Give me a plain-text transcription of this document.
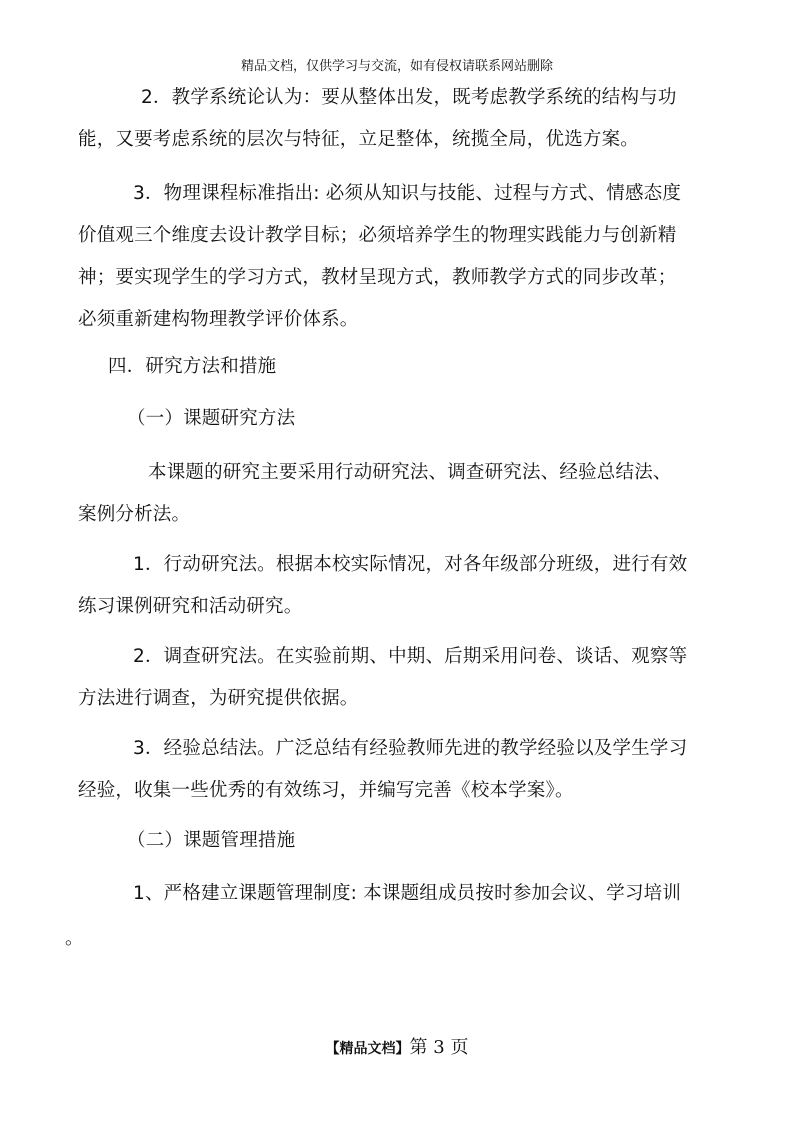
精品文档，仅供学习与交流，如有侵权请联系网站删除
2．教学系统论认为：要从整体出发，既考虑教学系统的结构与功
能，又要考虑系统的层次与特征，立足整体，统揽全局，优选方案。
3．物理课程标准指出: 必须从知识与技能、过程与方式、情感态度
价值观三个维度去设计教学目标；必须培养学生的物理实践能力与创新精
神；要实现学生的学习方式，教材呈现方式，教师教学方式的同步改革；
必须重新建构物理教学评价体系。
四．研究方法和措施
（一）课题研究方法
本课题的研究主要采用行动研究法、调查研究法、经验总结法、
案例分析法。
1．行动研究法。根据本校实际情况，对各年级部分班级，进行有效
练习课例研究和活动研究。
2．调查研究法。在实验前期、中期、后期采用问卷、谈话、观察等
方法进行调查，为研究提供依据。
3．经验总结法。广泛总结有经验教师先进的教学经验以及学生学习
经验，收集一些优秀的有效练习，并编写完善《校本学案》。
（二）课题管理措施
1、严格建立课题管理制度: 本课题组成员按时参加会议、学习培训
。
【精品文档】第 3 页
